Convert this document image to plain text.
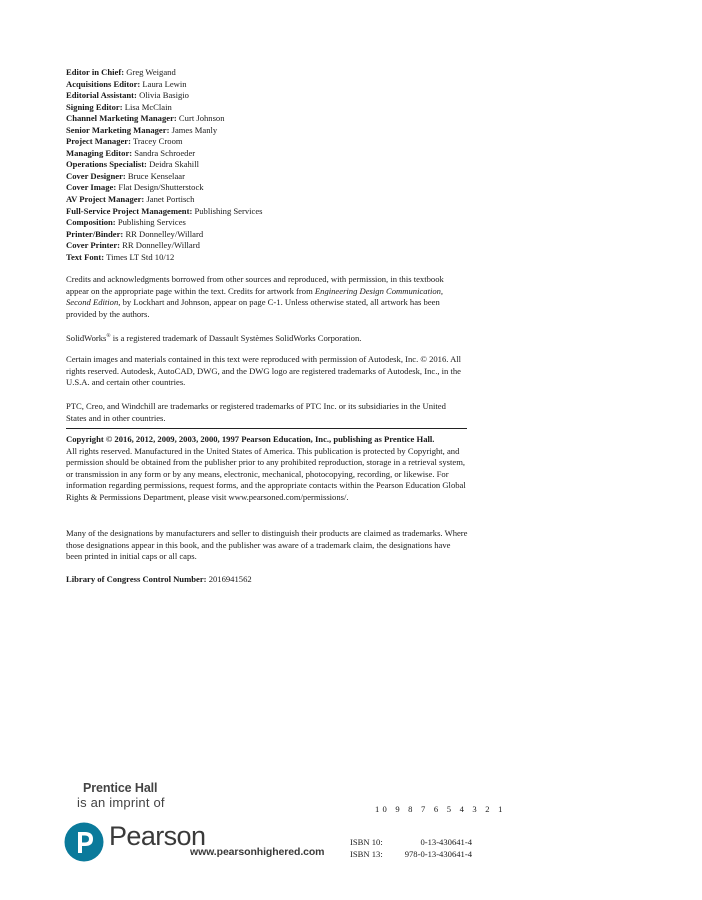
Editor in Chief: Greg Weigand
Acquisitions Editor: Laura Lewin
Editorial Assistant: Olivia Basigio
Signing Editor: Lisa McClain
Channel Marketing Manager: Curt Johnson
Senior Marketing Manager: James Manly
Project Manager: Tracey Croom
Managing Editor: Sandra Schroeder
Operations Specialist: Deidra Skahill
Cover Designer: Bruce Kenselaar
Cover Image: Flat Design/Shutterstock
AV Project Manager: Janet Portisch
Full-Service Project Management: Publishing Services
Composition: Publishing Services
Printer/Binder: RR Donnelley/Willard
Cover Printer: RR Donnelley/Willard
Text Font: Times LT Std 10/12
Credits and acknowledgments borrowed from other sources and reproduced, with permission, in this textbook appear on the appropriate page within the text. Credits for artwork from Engineering Design Communication, Second Edition, by Lockhart and Johnson, appear on page C-1. Unless otherwise stated, all artwork has been provided by the authors.
SolidWorks® is a registered trademark of Dassault Systèmes SolidWorks Corporation.
Certain images and materials contained in this text were reproduced with permission of Autodesk, Inc. © 2016. All rights reserved. Autodesk, AutoCAD, DWG, and the DWG logo are registered trademarks of Autodesk, Inc., in the U.S.A. and certain other countries.
PTC, Creo, and Windchill are trademarks or registered trademarks of PTC Inc. or its subsidiaries in the United States and in other countries.
Copyright © 2016, 2012, 2009, 2003, 2000, 1997 Pearson Education, Inc., publishing as Prentice Hall.
All rights reserved. Manufactured in the United States of America. This publication is protected by Copyright, and permission should be obtained from the publisher prior to any prohibited reproduction, storage in a retrieval system, or transmission in any form or by any means, electronic, mechanical, photocopying, recording, or likewise. For information regarding permissions, request forms, and the appropriate contacts within the Pearson Education Global Rights & Permissions Department, please visit www.pearsoned.com/permissions/.
Many of the designations by manufacturers and seller to distinguish their products are claimed as trademarks. Where those designations appear in this book, and the publisher was aware of a trademark claim, the designations have been printed in initial caps or all caps.
Library of Congress Control Number: 2016941562
Prentice Hall
is an imprint of	10 9 8 7 6 5 4 3 2 1
Pearson
www.pearsonhighered.com
ISBN 10:	0-13-430641-4
ISBN 13:	978-0-13-430641-4
